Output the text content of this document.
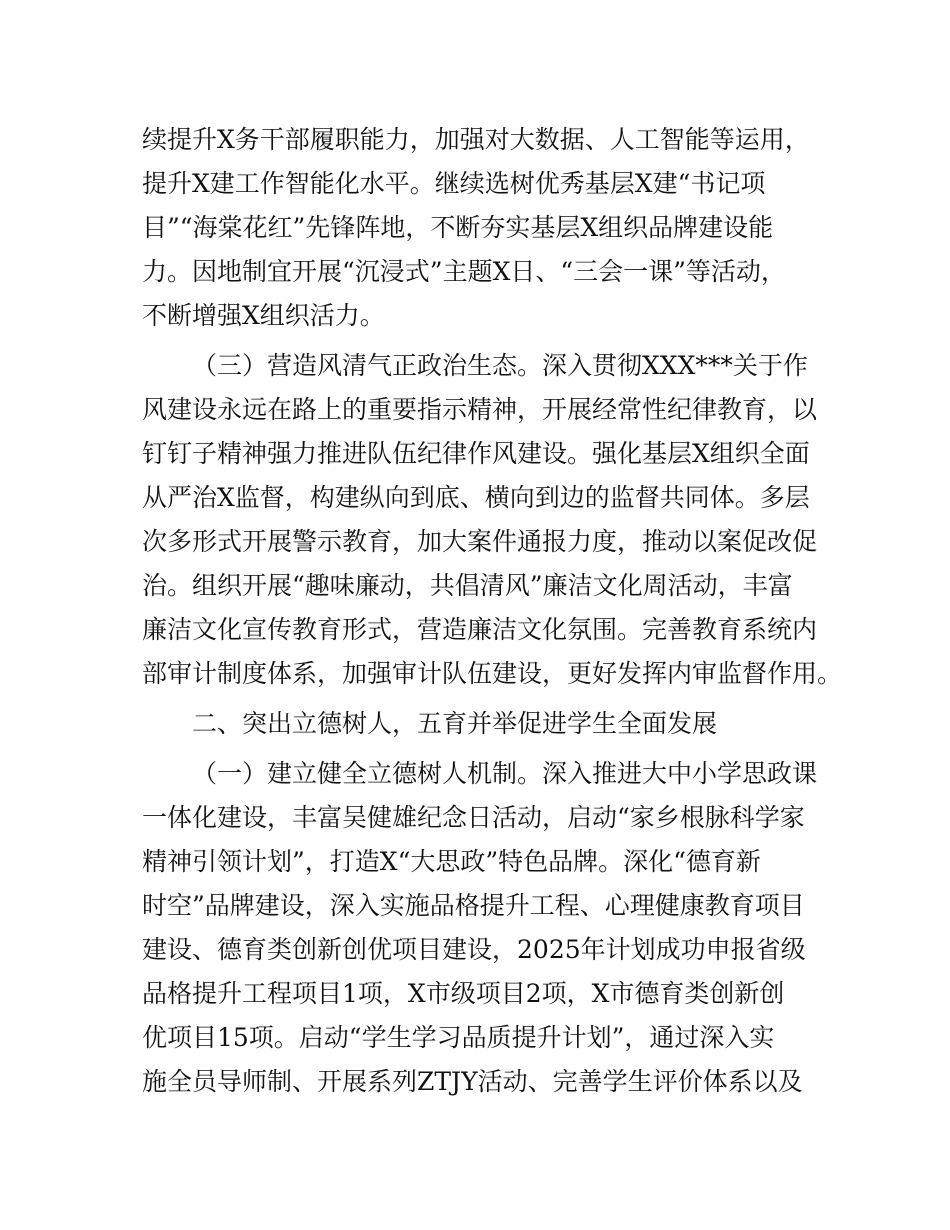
续提升X务干部履职能力，加强对大数据、人工智能等运用，
提升X建工作智能化水平。继续选树优秀基层X建“书记项
目”“海棠花红”先锋阵地，不断夯实基层X组织品牌建设能
力。因地制宜开展“沉浸式”主题X日、“三会一课”等活动，
不断增强X组织活力。
（三）营造风清气正政治生态。深入贯彻XXX***关于作
风建设永远在路上的重要指示精神，开展经常性纪律教育，以
钉钉子精神强力推进队伍纪律作风建设。强化基层X组织全面
从严治X监督，构建纵向到底、横向到边的监督共同体。多层
次多形式开展警示教育，加大案件通报力度，推动以案促改促
治。组织开展“趣味廉动，共倡清风”廉洁文化周活动，丰富
廉洁文化宣传教育形式，营造廉洁文化氛围。完善教育系统内
部审计制度体系，加强审计队伍建设，更好发挥内审监督作用。
二、突出立德树人，五育并举促进学生全面发展
（一）建立健全立德树人机制。深入推进大中小学思政课
一体化建设，丰富吴健雄纪念日活动，启动“家乡根脉科学家
精神引领计划”，打造X“大思政”特色品牌。深化“德育新
时空”品牌建设，深入实施品格提升工程、心理健康教育项目
建设、德育类创新创优项目建设，2025年计划成功申报省级
品格提升工程项目1项，X市级项目2项，X市德育类创新创
优项目15项。启动“学生学习品质提升计划”，通过深入实
施全员导师制、开展系列ZTJY活动、完善学生评价体系以及
